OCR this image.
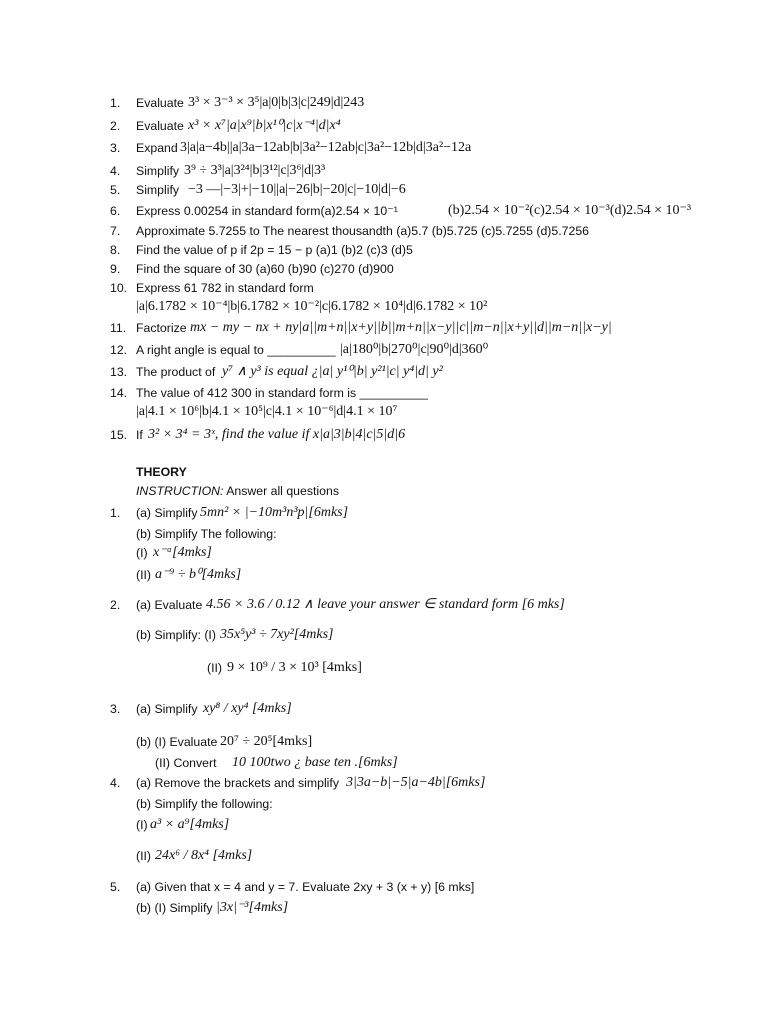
1.	Evaluate 3³ × 3⁻³ × 3⁵|a|0|b|3|c|249|d|243
2.	Evaluate x³ × x⁷|a|x⁹|b|x¹⁰|c|x⁻⁴|d|x⁴
3.	Expand 3|a|a−4b||a|3a−12ab|b|3a²−12ab|c|3a²−12b|d|3a²−12a
4.	Simplify 3⁹ ÷ 3³|a|3²⁴|b|3¹²|c|3⁶|d|3³
5.	Simplify −3 —|−3|+|−10||a|−26|b|−20|c|−10|d|−6
6.	Express 0.00254 in standard form(a)2.54 × 10⁻¹	(b)2.54 × 10⁻²(c)2.54 × 10⁻³(d)2.54 × 10⁻³
7.	Approximate 5.7255 to The nearest thousandth (a)5.7 (b)5.725 (c)5.7255 (d)5.7256
8.	Find the value of p if 2p = 15 − p (a)1 (b)2 (c)3 (d)5
9.	Find the square of 30 (a)60 (b)90 (c)270 (d)900
10. Express 61 782 in standard form
|a|6.1782 × 10⁻⁴|b|6.1782 × 10⁻²|c|6.1782 × 10⁴|d|6.1782 × 10²
11. Factorize mx − my − nx + ny|a||m+n||x+y||b||m+n||x−y||c||m−n||x+y||d||m−n||x−y|
12. A right angle is equal to __________ |a|180⁰|b|270⁰|c|90⁰|d|360⁰
13. The product of y⁷ ∧ y³ is equal ¿|a| y¹⁰|b| y²¹|c| y⁴|d| y²
14. The value of 412 300 in standard form is __________
|a|4.1 × 10⁶|b|4.1 × 10⁵|c|4.1 × 10⁻⁶|d|4.1 × 10⁷
15. If 3² × 3⁴ = 3ˣ, find the value if x|a|3|b|4|c|5|d|6
THEORY
INSTRUCTION: Answer all questions
1.	(a) Simplify 5mn² × |−10m³n³p|[6mks]
(b) Simplify The following:
(I) x⁻ᵃ[4mks]
(II) a⁻⁹ ÷ b⁰[4mks]
2.	(a) Evaluate 4.56 × 3.6 / 0.12 ∧ leave your answer ∈ standard form [6 mks]
(b) Simplify: (I) 35x⁵y³ ÷ 7xy²[4mks]
(II) 9 × 10⁹ / 3 × 10³ [4mks]
3.	(a) Simplify xy⁸ / xy⁴ [4mks]
(b) (I) Evaluate 20⁷ ÷ 20⁵[4mks]
(II) Convert 10 100two ¿ base ten .[6mks]
4.	(a) Remove the brackets and simplify 3|3a−b|−5|a−4b|[6mks]
(b) Simplify the following:
(I) a³ × a⁹[4mks]
(II) 24x⁶ / 8x⁴ [4mks]
5.	(a) Given that x = 4 and y = 7. Evaluate 2xy + 3 (x + y) [6 mks]
(b) (I) Simplify |3x|⁻³[4mks]
